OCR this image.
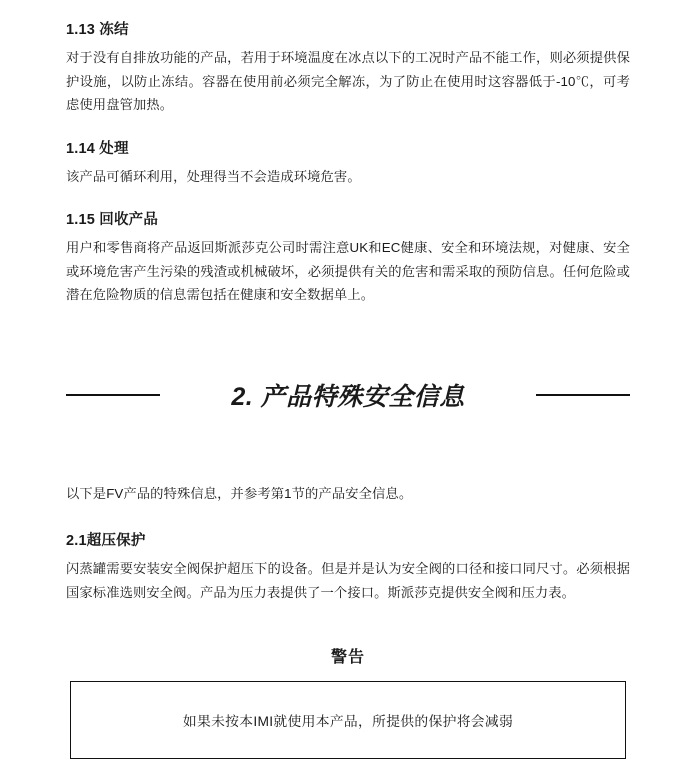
1.13 冻结

对于没有自排放功能的产品，若用于环境温度在冰点以下的工况时产品不能工作，则必须提供保护设施，以防止冻结。容器在使用前必须完全解冻，为了防止在使用时这容器低于-10℃，可考虑使用盘管加热。

1.14 处理

该产品可循环利用，处理得当不会造成环境危害。

1.15 回收产品

用户和零售商将产品返回斯派莎克公司时需注意UK和EC健康、安全和环境法规，对健康、安全或环境危害产生污染的残渣或机械破坏，必须提供有关的危害和需采取的预防信息。任何危险或潜在危险物质的信息需包括在健康和安全数据单上。

2. 产品特殊安全信息

以下是FV产品的特殊信息，并参考第1节的产品安全信息。

2.1超压保护

闪蒸罐需要安装安全阀保护超压下的设备。但是并是认为安全阀的口径和接口同尺寸。必须根据国家标准选则安全阀。产品为压力表提供了一个接口。斯派莎克提供安全阀和压力表。

警告
如果未按本IMI就使用本产品，所提供的保护将会减弱
